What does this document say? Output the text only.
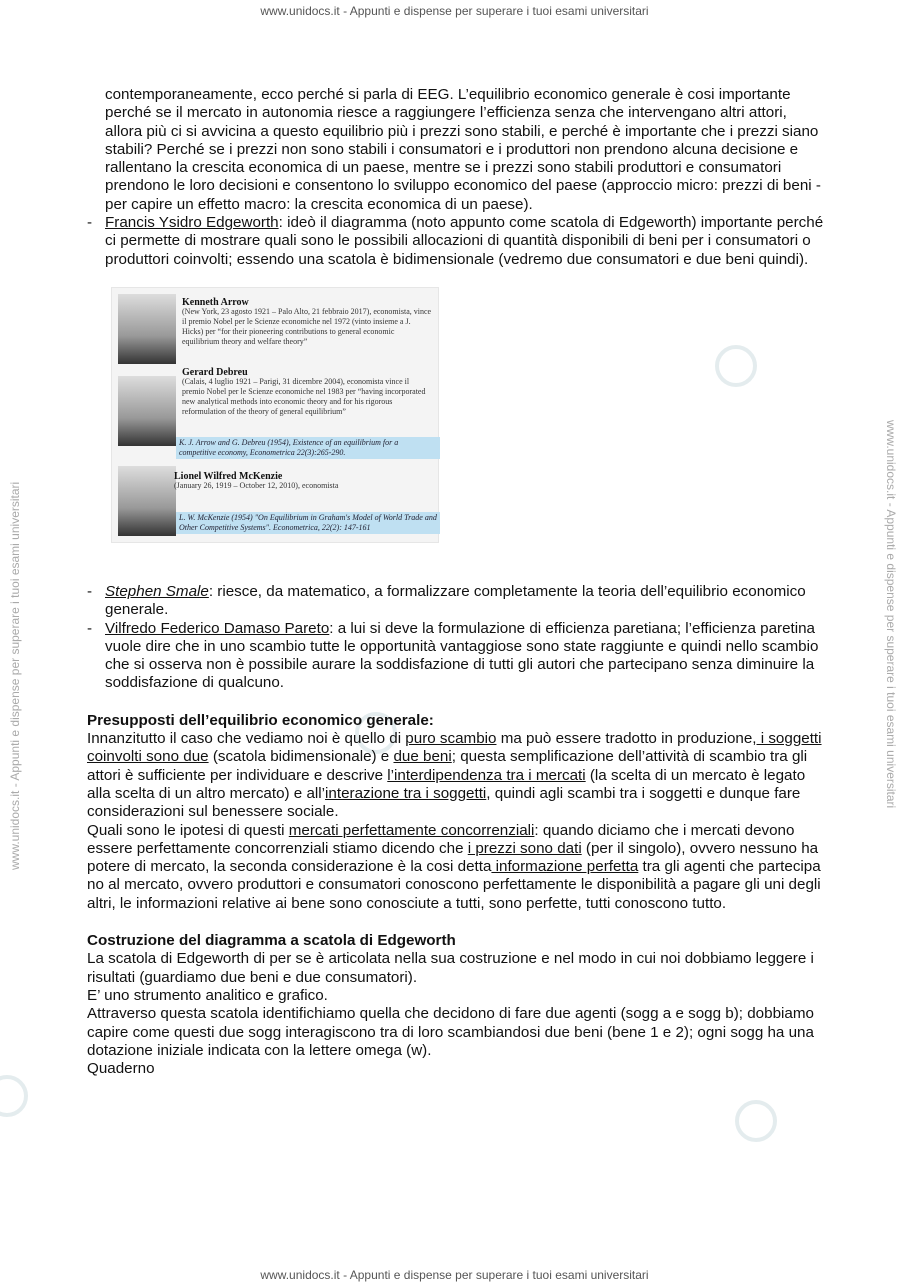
www.unidocs.it - Appunti e dispense per superare i tuoi esami universitari
www.unidocs.it - Appunti e dispense per superare i tuoi esami universitari	www.unidocs.it - Appunti e dispense per superare i tuoi esami universitari

contemporaneamente, ecco perché si parla di EEG. L’equilibrio economico generale è cosi importante perché se il mercato in autonomia riesce a raggiungere l’efficienza senza che intervengano altri attori, allora più ci si avvicina a questo equilibrio più i prezzi sono stabili, e perché è importante che i prezzi siano stabili? Perché se i prezzi non sono stabili i consumatori e i produttori non prendono alcuna decisione e rallentano la crescita economica di un paese, mentre se i prezzi sono stabili produttori e consumatori prendono le loro decisioni e consentono lo sviluppo economico del paese (approccio micro: prezzi di beni - per capire un effetto macro: la crescita economica di un paese).

- Francis Ysidro Edgeworth: ideò il diagramma (noto appunto come scatola di Edgeworth) importante perché ci permette di mostrare quali sono le possibili allocazioni di quantità disponibili di beni per i consumatori o produttori coinvolti; essendo una scatola è bidimensionale (vedremo due consumatori e due beni quindi).

Kenneth Arrow
(New York, 23 agosto 1921 – Palo Alto, 21 febbraio 2017), economista, vince il premio Nobel per le Scienze economiche nel 1972 (vinto insieme a J. Hicks) per “for their pioneering contributions to general economic equilibrium theory and welfare theory”
Gerard Debreu
(Calais, 4 luglio 1921 – Parigi, 31 dicembre 2004), economista vince il premio Nobel per le Scienze economiche nel 1983 per “having incorporated new analytical methods into economic theory and for his rigorous reformulation of the theory of general equilibrium”
K. J. Arrow and G. Debreu (1954), Existence of an equilibrium for a competitive economy, Econometrica 22(3):265-290.
Lionel Wilfred McKenzie
(January 26, 1919 – October 12, 2010), economista
L. W. McKenzie (1954) "On Equilibrium in Graham's Model of World Trade and Other Competitive Systems". Econometrica, 22(2): 147-161

- Stephen Smale: riesce, da matematico, a formalizzare completamente la teoria dell’equilibrio economico generale.

- Vilfredo Federico Damaso Pareto: a lui si deve la formulazione di efficienza paretiana; l’efficienza paretina vuole dire che in uno scambio tutte le opportunità vantaggiose sono state raggiunte e quindi nello scambio che si osserva non è possibile aurare la soddisfazione di tutti gli autori che partecipano senza diminuire la soddisfazione di qualcuno.

Presupposti dell’equilibrio economico generale:

Innanzitutto il caso che vediamo noi è quello di puro scambio ma può essere tradotto in produzione, i soggetti coinvolti sono due (scatola bidimensionale) e due beni; questa semplificazione dell’attività di scambio tra gli attori è sufficiente per individuare e descrive l’interdipendenza tra i mercati (la scelta di un mercato è legato alla scelta di un altro mercato) e all’interazione tra i soggetti, quindi agli scambi tra i soggetti e dunque fare considerazioni sul benessere sociale.

Quali sono le ipotesi di questi mercati perfettamente concorrenziali: quando diciamo che i mercati devono essere perfettamente concorrenziali stiamo dicendo che i prezzi sono dati (per il singolo), ovvero nessuno ha potere di mercato, la seconda considerazione è la cosi detta informazione perfetta tra gli agenti che partecipa no al mercato, ovvero produttori e consumatori conoscono perfettamente le disponibilità a pagare gli uni degli altri, le informazioni relative ai bene sono conosciute a tutti, sono perfette, tutti conoscono tutto.

Costruzione del diagramma a scatola di Edgeworth

La scatola di Edgeworth di per se è articolata nella sua costruzione e nel modo in cui noi dobbiamo leggere i risultati (guardiamo due beni e due consumatori).

E’ uno strumento analitico e grafico.

Attraverso questa scatola identifichiamo quella che decidono di fare due agenti (sogg a e sogg b); dobbiamo capire come questi due sogg interagiscono tra di loro scambiandosi due beni (bene 1 e 2); ogni sogg ha una dotazione iniziale indicata con la lettere omega (w).

Quaderno

www.unidocs.it - Appunti e dispense per superare i tuoi esami universitari
